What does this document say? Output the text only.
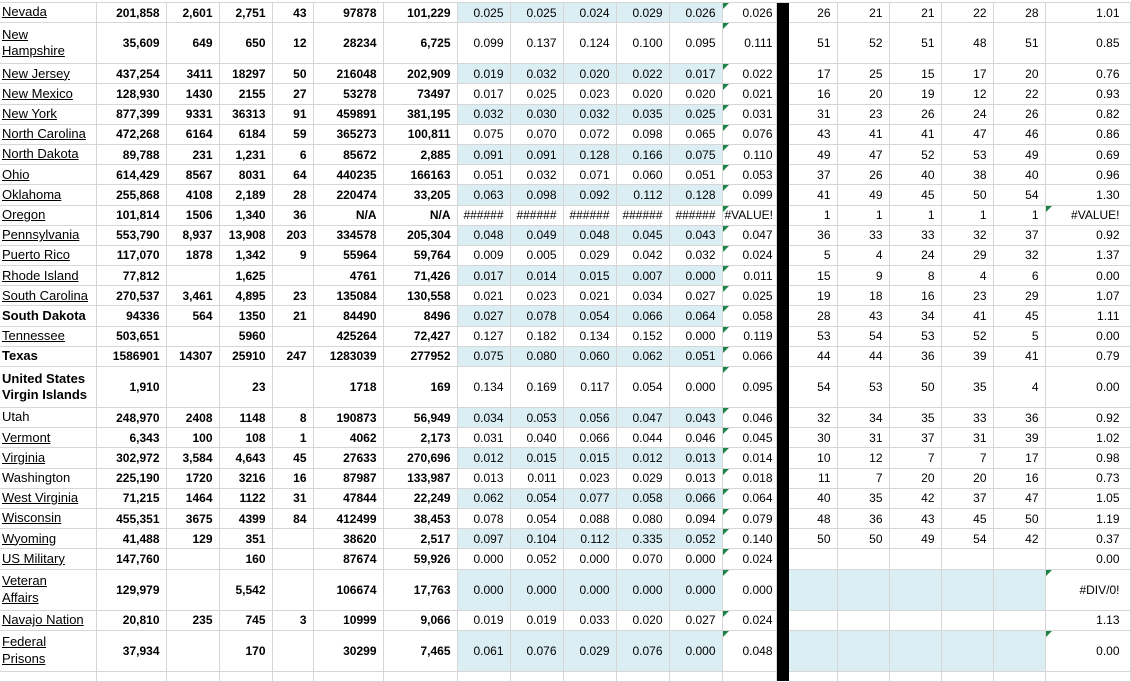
Nevada	201,858	2,601	2,751	43	97878	101,229	0.025	0.025	0.024	0.029	0.026	0.026		26	21	21	22	28	1.01
New
Hampshire	35,609	649	650	12	28234	6,725	0.099	0.137	0.124	0.100	0.095	0.111		51	52	51	48	51	0.85
New Jersey	437,254	3411	18297	50	216048	202,909	0.019	0.032	0.020	0.022	0.017	0.022		17	25	15	17	20	0.76
New Mexico	128,930	1430	2155	27	53278	73497	0.017	0.025	0.023	0.020	0.020	0.021		16	20	19	12	22	0.93
New York	877,399	9331	36313	91	459891	381,195	0.032	0.030	0.032	0.035	0.025	0.031		31	23	26	24	26	0.82
North Carolina	472,268	6164	6184	59	365273	100,811	0.075	0.070	0.072	0.098	0.065	0.076		43	41	41	47	46	0.86
North Dakota	89,788	231	1,231	6	85672	2,885	0.091	0.091	0.128	0.166	0.075	0.110		49	47	52	53	49	0.69
Ohio	614,429	8567	8031	64	440235	166163	0.051	0.032	0.071	0.060	0.051	0.053		37	26	40	38	40	0.96
Oklahoma	255,868	4108	2,189	28	220474	33,205	0.063	0.098	0.092	0.112	0.128	0.099		41	49	45	50	54	1.30
Oregon	101,814	1506	1,340	36	N/A	N/A	######	######	######	######	######	#VALUE!		1	1	1	1	1	#VALUE!
Pennsylvania	553,790	8,937	13,908	203	334578	205,304	0.048	0.049	0.048	0.045	0.043	0.047		36	33	33	32	37	0.92
Puerto Rico	117,070	1878	1,342	9	55964	59,764	0.009	0.005	0.029	0.042	0.032	0.024		5	4	24	29	32	1.37
Rhode Island	77,812		1,625		4761	71,426	0.017	0.014	0.015	0.007	0.000	0.011		15	9	8	4	6	0.00
South Carolina	270,537	3,461	4,895	23	135084	130,558	0.021	0.023	0.021	0.034	0.027	0.025		19	18	16	23	29	1.07
South Dakota	94336	564	1350	21	84490	8496	0.027	0.078	0.054	0.066	0.064	0.058		28	43	34	41	45	1.11
Tennessee	503,651		5960		425264	72,427	0.127	0.182	0.134	0.152	0.000	0.119		53	54	53	52	5	0.00
Texas	1586901	14307	25910	247	1283039	277952	0.075	0.080	0.060	0.062	0.051	0.066		44	44	36	39	41	0.79
United States
Virgin Islands	1,910		23		1718	169	0.134	0.169	0.117	0.054	0.000	0.095		54	53	50	35	4	0.00
Utah	248,970	2408	1148	8	190873	56,949	0.034	0.053	0.056	0.047	0.043	0.046		32	34	35	33	36	0.92
Vermont	6,343	100	108	1	4062	2,173	0.031	0.040	0.066	0.044	0.046	0.045		30	31	37	31	39	1.02
Virginia	302,972	3,584	4,643	45	27633	270,696	0.012	0.015	0.015	0.012	0.013	0.014		10	12	7	7	17	0.98
Washington	225,190	1720	3216	16	87987	133,987	0.013	0.011	0.023	0.029	0.013	0.018		11	7	20	20	16	0.73
West Virginia	71,215	1464	1122	31	47844	22,249	0.062	0.054	0.077	0.058	0.066	0.064		40	35	42	37	47	1.05
Wisconsin	455,351	3675	4399	84	412499	38,453	0.078	0.054	0.088	0.080	0.094	0.079		48	36	43	45	50	1.19
Wyoming	41,488	129	351		38620	2,517	0.097	0.104	0.112	0.335	0.052	0.140		50	50	49	54	42	0.37
US Military	147,760		160		87674	59,926	0.000	0.052	0.000	0.070	0.000	0.024							0.00
Veteran
Affairs	129,979		5,542		106674	17,763	0.000	0.000	0.000	0.000	0.000	0.000							#DIV/0!
Navajo Nation	20,810	235	745	3	10999	9,066	0.019	0.019	0.033	0.020	0.027	0.024							1.13
Federal
Prisons	37,934		170		30299	7,465	0.061	0.076	0.029	0.076	0.000	0.048							0.00
